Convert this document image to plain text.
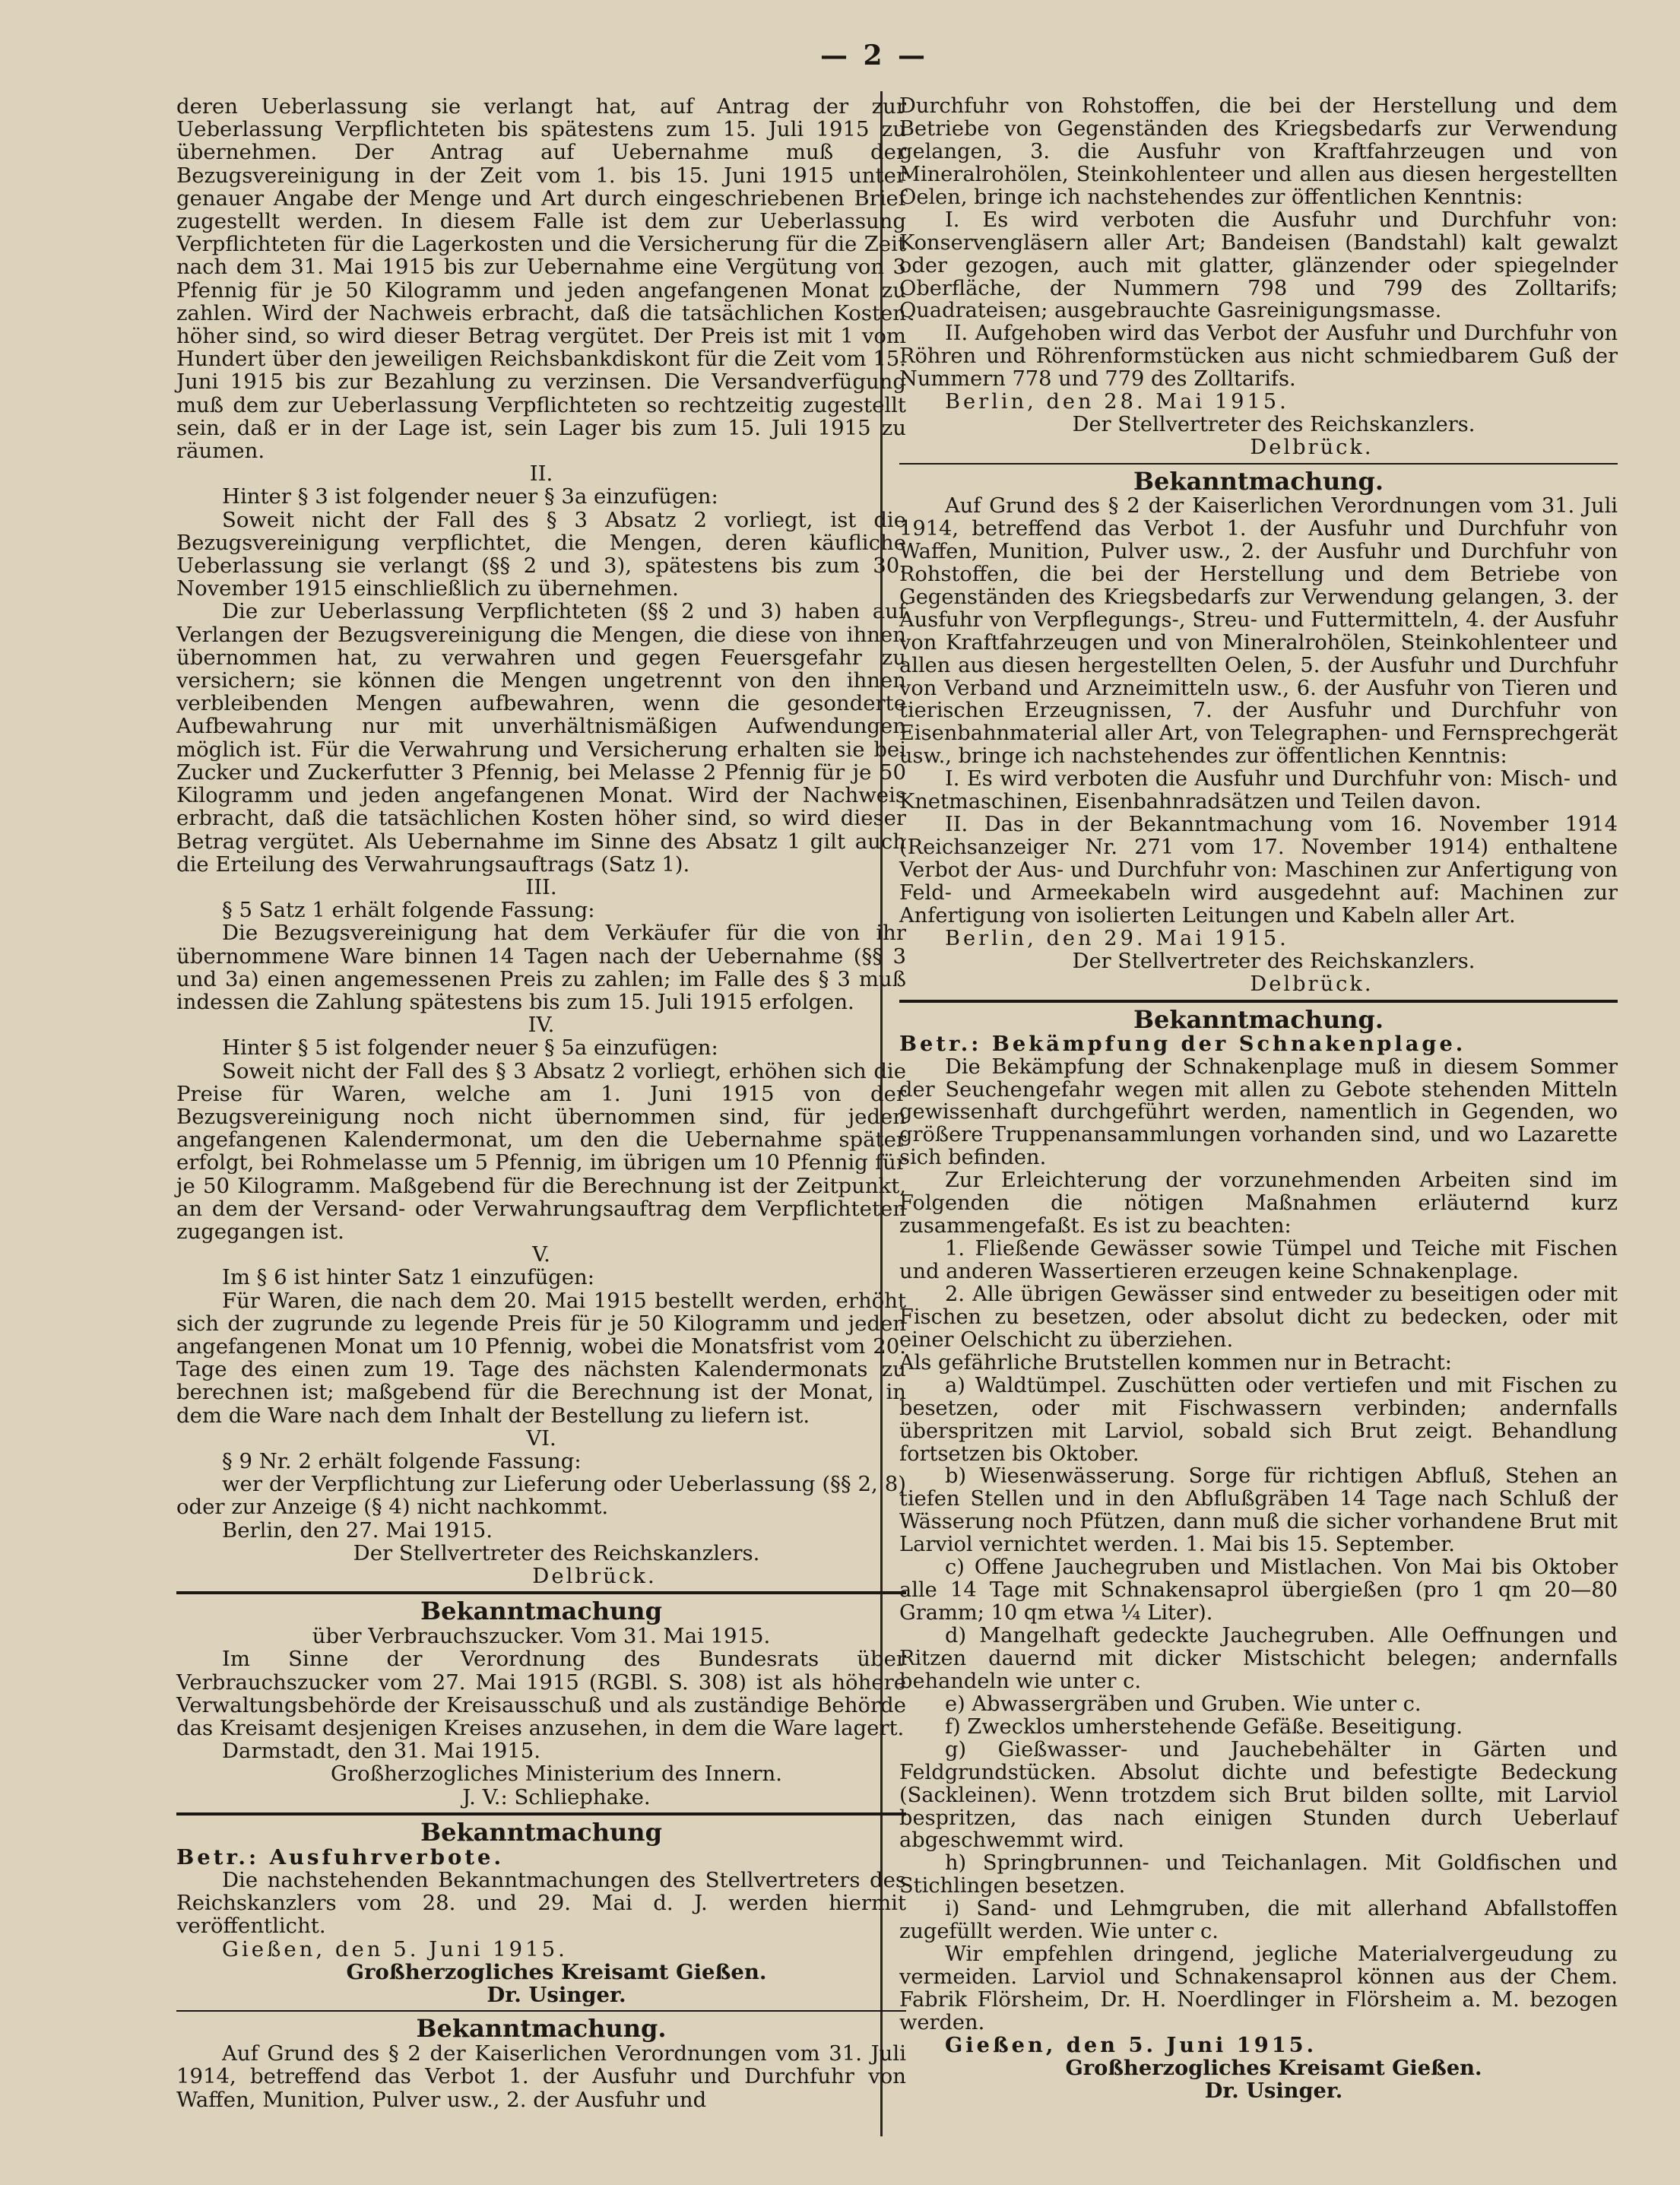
— 2 —

deren Ueberlassung sie verlangt hat, auf Antrag der zur Ueberlassung Verpflichteten bis spätestens zum 15. Juli 1915 zu übernehmen. Der Antrag auf Uebernahme muß der Bezugsvereinigung in der Zeit vom 1. bis 15. Juni 1915 unter genauer Angabe der Menge und Art durch eingeschriebenen Brief zugestellt werden. In diesem Falle ist dem zur Ueberlassung Verpflichteten für die Lagerkosten und die Versicherung für die Zeit nach dem 31. Mai 1915 bis zur Uebernahme eine Vergütung von 3 Pfennig für je 50 Kilogramm und jeden angefangenen Monat zu zahlen. Wird der Nachweis erbracht, daß die tatsächlichen Kosten höher sind, so wird dieser Betrag vergütet. Der Preis ist mit 1 vom Hundert über den jeweiligen Reichsbankdiskont für die Zeit vom 15. Juni 1915 bis zur Bezahlung zu verzinsen. Die Versandverfügung muß dem zur Ueberlassung Verpflichteten so rechtzeitig zugestellt sein, daß er in der Lage ist, sein Lager bis zum 15. Juli 1915 zu räumen.

II.

Hinter § 3 ist folgender neuer § 3a einzufügen:

Soweit nicht der Fall des § 3 Absatz 2 vorliegt, ist die Bezugsvereinigung verpflichtet, die Mengen, deren käufliche Ueberlassung sie verlangt (§§ 2 und 3), spätestens bis zum 30. November 1915 einschließlich zu übernehmen.

Die zur Ueberlassung Verpflichteten (§§ 2 und 3) haben auf Verlangen der Bezugsvereinigung die Mengen, die diese von ihnen übernommen hat, zu verwahren und gegen Feuersgefahr zu versichern; sie können die Mengen ungetrennt von den ihnen verbleibenden Mengen aufbewahren, wenn die gesonderte Aufbewahrung nur mit unverhältnismäßigen Aufwendungen möglich ist. Für die Verwahrung und Versicherung erhalten sie bei Zucker und Zuckerfutter 3 Pfennig, bei Melasse 2 Pfennig für je 50 Kilogramm und jeden angefangenen Monat. Wird der Nachweis erbracht, daß die tatsächlichen Kosten höher sind, so wird dieser Betrag vergütet. Als Uebernahme im Sinne des Absatz 1 gilt auch die Erteilung des Verwahrungsauftrags (Satz 1).

III.

§ 5 Satz 1 erhält folgende Fassung:

Die Bezugsvereinigung hat dem Verkäufer für die von ihr übernommene Ware binnen 14 Tagen nach der Uebernahme (§§ 3 und 3a) einen angemessenen Preis zu zahlen; im Falle des § 3 muß indessen die Zahlung spätestens bis zum 15. Juli 1915 erfolgen.

IV.

Hinter § 5 ist folgender neuer § 5a einzufügen:

Soweit nicht der Fall des § 3 Absatz 2 vorliegt, erhöhen sich die Preise für Waren, welche am 1. Juni 1915 von der Bezugsvereinigung noch nicht übernommen sind, für jeden angefangenen Kalendermonat, um den die Uebernahme später erfolgt, bei Rohmelasse um 5 Pfennig, im übrigen um 10 Pfennig für je 50 Kilogramm. Maßgebend für die Berechnung ist der Zeitpunkt, an dem der Versand- oder Verwahrungsauftrag dem Verpflichteten zugegangen ist.

V.

Im § 6 ist hinter Satz 1 einzufügen:

Für Waren, die nach dem 20. Mai 1915 bestellt werden, erhöht sich der zugrunde zu legende Preis für je 50 Kilogramm und jeden angefangenen Monat um 10 Pfennig, wobei die Monatsfrist vom 20. Tage des einen zum 19. Tage des nächsten Kalendermonats zu berechnen ist; maßgebend für die Berechnung ist der Monat, in dem die Ware nach dem Inhalt der Bestellung zu liefern ist.

VI.

§ 9 Nr. 2 erhält folgende Fassung:

wer der Verpflichtung zur Lieferung oder Ueberlassung (§§ 2, 8) oder zur Anzeige (§ 4) nicht nachkommt.

Berlin, den 27. Mai 1915.

Der Stellvertreter des Reichskanzlers.

Delbrück.

Bekanntmachung

über Verbrauchszucker. Vom 31. Mai 1915.

Im Sinne der Verordnung des Bundesrats über Verbrauchszucker vom 27. Mai 1915 (RGBl. S. 308) ist als höhere Verwaltungsbehörde der Kreisausschuß und als zuständige Behörde das Kreisamt desjenigen Kreises anzusehen, in dem die Ware lagert.

Darmstadt, den 31. Mai 1915.

Großherzogliches Ministerium des Innern.

J. V.: Schliephake.

Bekanntmachung

Betr.: Ausfuhrverbote.

Die nachstehenden Bekanntmachungen des Stellvertreters des Reichskanzlers vom 28. und 29. Mai d. J. werden hiermit veröffentlicht.

Gießen, den 5. Juni 1915.

Großherzogliches Kreisamt Gießen.

Dr. Usinger.

Bekanntmachung.

Auf Grund des § 2 der Kaiserlichen Verordnungen vom 31. Juli 1914, betreffend das Verbot 1. der Ausfuhr und Durchfuhr von Waffen, Munition, Pulver usw., 2. der Ausfuhr und

Durchfuhr von Rohstoffen, die bei der Herstellung und dem Betriebe von Gegenständen des Kriegsbedarfs zur Verwendung gelangen, 3. die Ausfuhr von Kraftfahrzeugen und von Mineralrohölen, Steinkohlenteer und allen aus diesen hergestellten Oelen, bringe ich nachstehendes zur öffentlichen Kenntnis:

I. Es wird verboten die Ausfuhr und Durchfuhr von: Konservengläsern aller Art; Bandeisen (Bandstahl) kalt gewalzt oder gezogen, auch mit glatter, glänzender oder spiegelnder Oberfläche, der Nummern 798 und 799 des Zolltarifs; Quadrateisen; ausgebrauchte Gasreinigungsmasse.

II. Aufgehoben wird das Verbot der Ausfuhr und Durchfuhr von Röhren und Röhrenformstücken aus nicht schmiedbarem Guß der Nummern 778 und 779 des Zolltarifs.

Berlin, den 28. Mai 1915.

Der Stellvertreter des Reichskanzlers.

Delbrück.

Bekanntmachung.

Auf Grund des § 2 der Kaiserlichen Verordnungen vom 31. Juli 1914, betreffend das Verbot 1. der Ausfuhr und Durchfuhr von Waffen, Munition, Pulver usw., 2. der Ausfuhr und Durchfuhr von Rohstoffen, die bei der Herstellung und dem Betriebe von Gegenständen des Kriegsbedarfs zur Verwendung gelangen, 3. der Ausfuhr von Verpflegungs-, Streu- und Futtermitteln, 4. der Ausfuhr von Kraftfahrzeugen und von Mineralrohölen, Steinkohlenteer und allen aus diesen hergestellten Oelen, 5. der Ausfuhr und Durchfuhr von Verband und Arzneimitteln usw., 6. der Ausfuhr von Tieren und tierischen Erzeugnissen, 7. der Ausfuhr und Durchfuhr von Eisenbahnmaterial aller Art, von Telegraphen- und Fernsprechgerät usw., bringe ich nachstehendes zur öffentlichen Kenntnis:

I. Es wird verboten die Ausfuhr und Durchfuhr von: Misch- und Knetmaschinen, Eisenbahnradsätzen und Teilen davon.

II. Das in der Bekanntmachung vom 16. November 1914 (Reichsanzeiger Nr. 271 vom 17. November 1914) enthaltene Verbot der Aus- und Durchfuhr von: Maschinen zur Anfertigung von Feld- und Armeekabeln wird ausgedehnt auf: Machinen zur Anfertigung von isolierten Leitungen und Kabeln aller Art.

Berlin, den 29. Mai 1915.

Der Stellvertreter des Reichskanzlers.

Delbrück.

Bekanntmachung.

Betr.: Bekämpfung der Schnakenplage.

Die Bekämpfung der Schnakenplage muß in diesem Sommer der Seuchengefahr wegen mit allen zu Gebote stehenden Mitteln gewissenhaft durchgeführt werden, namentlich in Gegenden, wo größere Truppenansammlungen vorhanden sind, und wo Lazarette sich befinden.

Zur Erleichterung der vorzunehmenden Arbeiten sind im Folgenden die nötigen Maßnahmen erläuternd kurz zusammengefaßt. Es ist zu beachten:

1. Fließende Gewässer sowie Tümpel und Teiche mit Fischen und anderen Wassertieren erzeugen keine Schnakenplage.

2. Alle übrigen Gewässer sind entweder zu beseitigen oder mit Fischen zu besetzen, oder absolut dicht zu bedecken, oder mit einer Oelschicht zu überziehen.

Als gefährliche Brutstellen kommen nur in Betracht:

a) Waldtümpel. Zuschütten oder vertiefen und mit Fischen zu besetzen, oder mit Fischwassern verbinden; andernfalls überspritzen mit Larviol, sobald sich Brut zeigt. Behandlung fortsetzen bis Oktober.

b) Wiesenwässerung. Sorge für richtigen Abfluß, Stehen an tiefen Stellen und in den Abflußgräben 14 Tage nach Schluß der Wässerung noch Pfützen, dann muß die sicher vorhandene Brut mit Larviol vernichtet werden. 1. Mai bis 15. September.

c) Offene Jauchegruben und Mistlachen. Von Mai bis Oktober alle 14 Tage mit Schnakensaprol übergießen (pro 1 qm 20—80 Gramm; 10 qm etwa ¼ Liter).

d) Mangelhaft gedeckte Jauchegruben. Alle Oeffnungen und Ritzen dauernd mit dicker Mistschicht belegen; andernfalls behandeln wie unter c.

e) Abwassergräben und Gruben. Wie unter c.

f) Zwecklos umherstehende Gefäße. Beseitigung.

g) Gießwasser- und Jauchebehälter in Gärten und Feldgrundstücken. Absolut dichte und befestigte Bedeckung (Sackleinen). Wenn trotzdem sich Brut bilden sollte, mit Larviol bespritzen, das nach einigen Stunden durch Ueberlauf abgeschwemmt wird.

h) Springbrunnen- und Teichanlagen. Mit Goldfischen und Stichlingen besetzen.

i) Sand- und Lehmgruben, die mit allerhand Abfallstoffen zugefüllt werden. Wie unter c.

Wir empfehlen dringend, jegliche Materialvergeudung zu vermeiden. Larviol und Schnakensaprol können aus der Chem. Fabrik Flörsheim, Dr. H. Noerdlinger in Flörsheim a. M. bezogen werden.

Gießen, den 5. Juni 1915.

Großherzogliches Kreisamt Gießen.

Dr. Usinger.
